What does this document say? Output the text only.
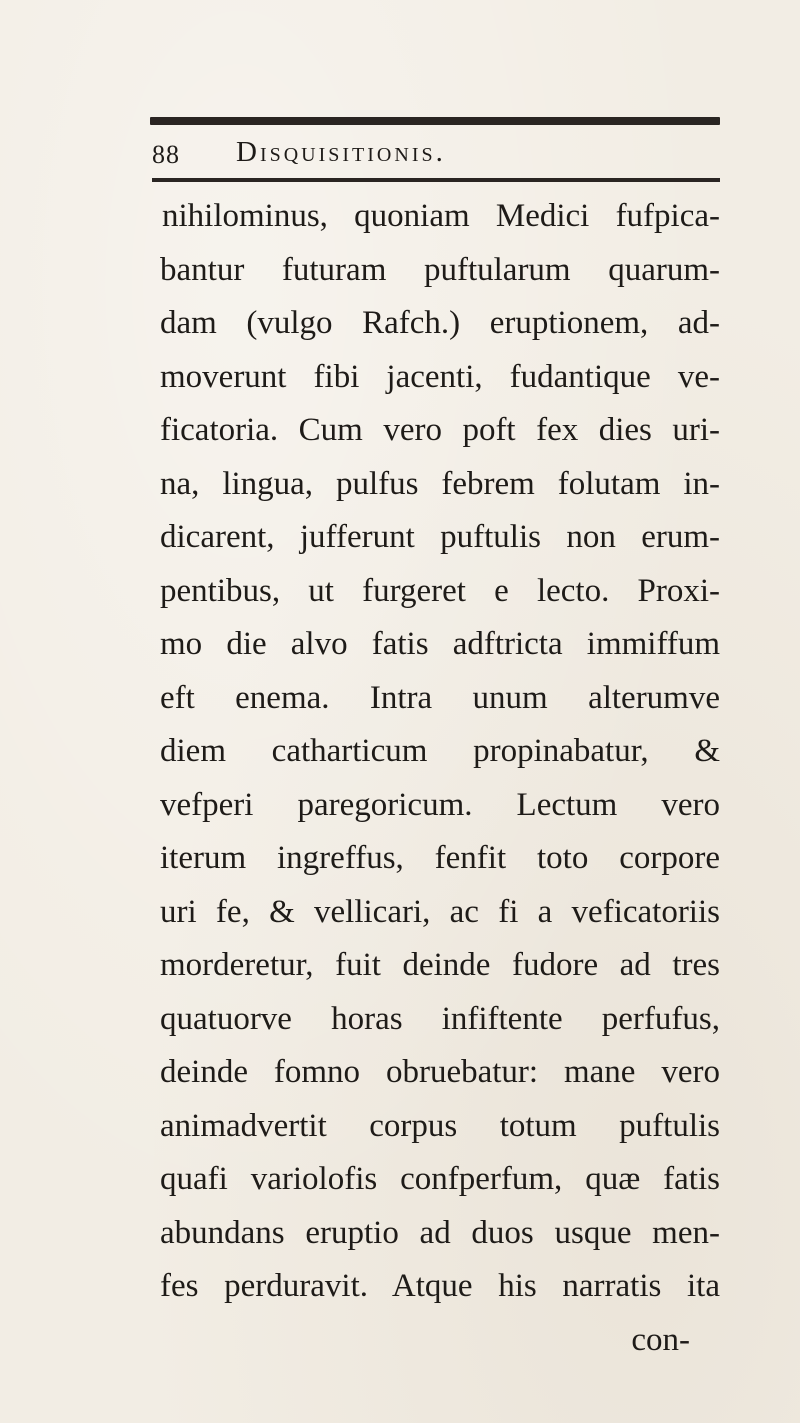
88 Disquisitionis.
nihilominus, quoniam Medici fufpica-
bantur futuram puftularum quarum-
dam (vulgo Rafch.) eruptionem, ad-
moverunt fibi jacenti, fudantique ve-
ficatoria. Cum vero poft fex dies uri-
na, lingua, pulfus febrem folutam in-
dicarent, jufferunt puftulis non erum-
pentibus, ut furgeret e lecto. Proxi-
mo die alvo fatis adftricta immiffum
eft enema. Intra unum alterumve
diem catharticum propinabatur, &
vefperi paregoricum. Lectum vero
iterum ingreffus, fenfit toto corpore
uri fe, & vellicari, ac fi a veficatoriis
morderetur, fuit deinde fudore ad tres
quatuorve horas infiftente perfufus,
deinde fomno obruebatur: mane vero
animadvertit corpus totum puftulis
quafi variolofis confperfum, quæ fatis
abundans eruptio ad duos usque men-
fes perduravit. Atque his narratis ita
con-
